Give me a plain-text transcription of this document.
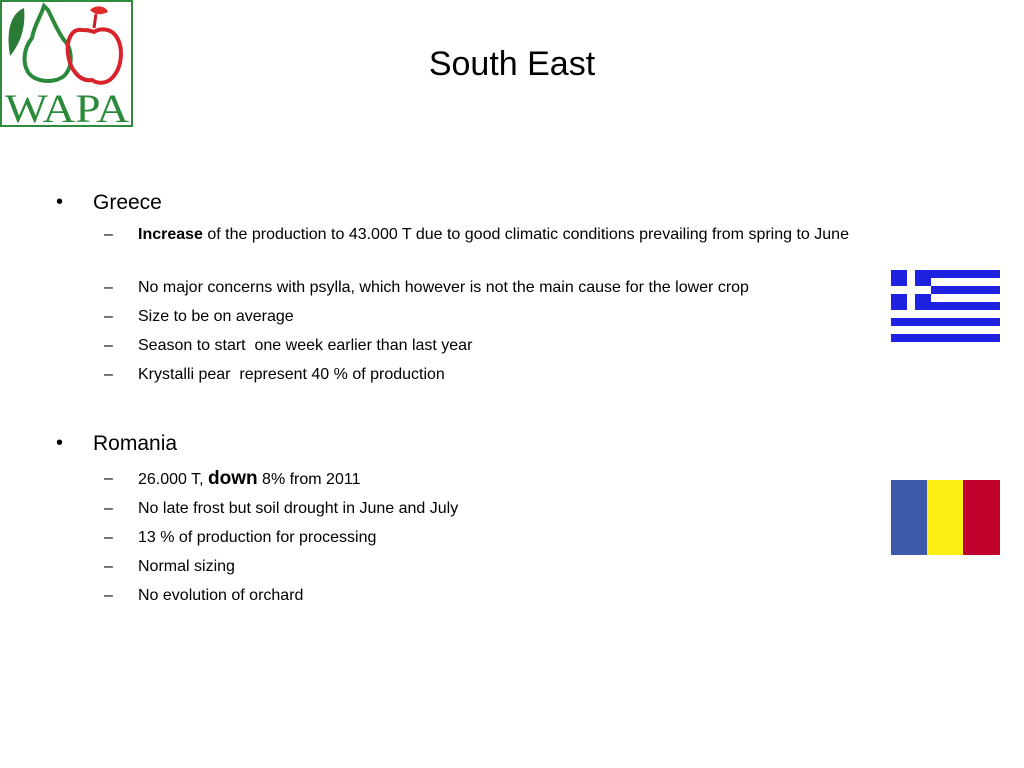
WAPA
South East
• Greece
– Increase of the production to 43.000 T due to good climatic conditions prevailing from spring to June
– No major concerns with psylla, which however is not the main cause for the lower crop
– Size to be on average
– Season to start  one week earlier than last year
– Krystalli pear  represent 40 % of production
• Romania
– 26.000 T, down 8% from 2011
– No late frost but soil drought in June and July
– 13 % of production for processing
– Normal sizing
– No evolution of orchard
